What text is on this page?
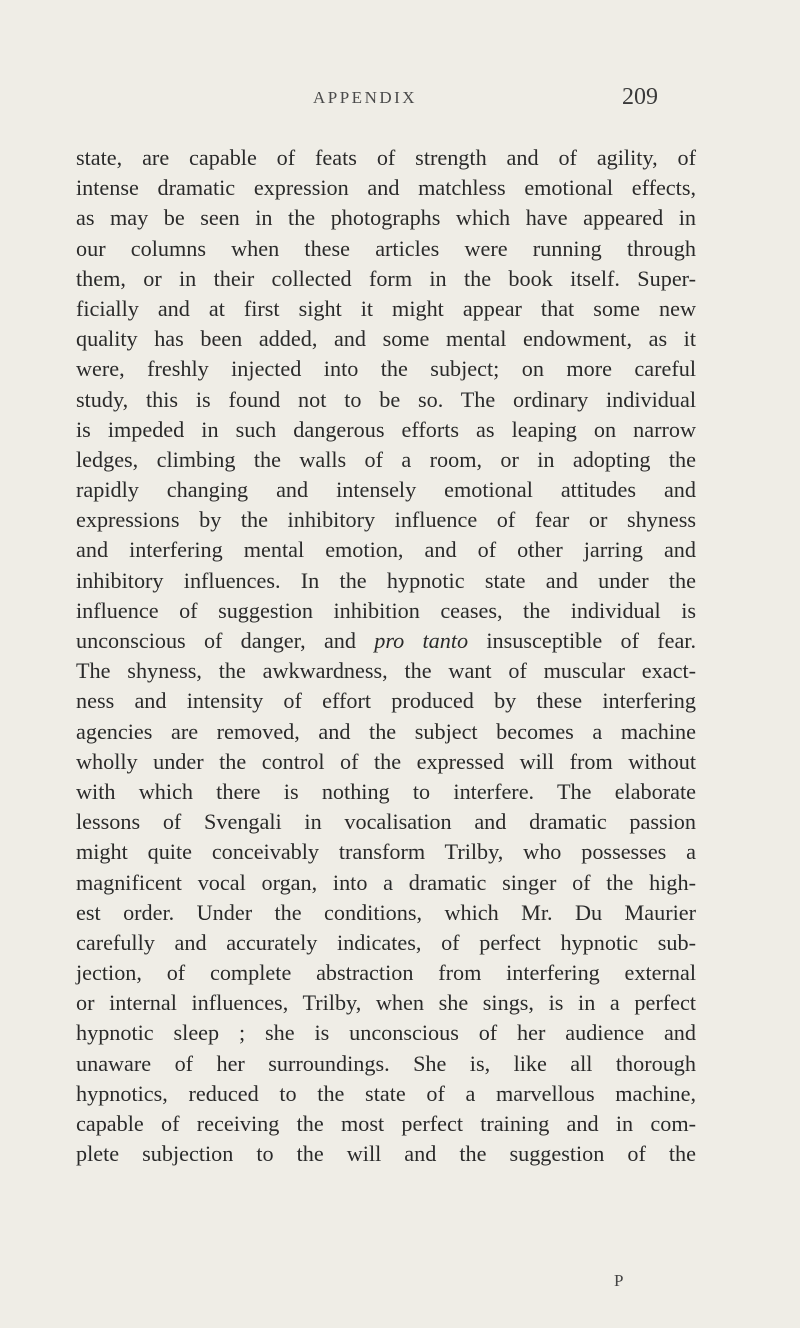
APPENDIX	209
state, are capable of feats of strength and of agility, of
intense dramatic expression and matchless emotional effects,
as may be seen in the photographs which have appeared in
our columns when these articles were running through
them, or in their collected form in the book itself. Super-
ficially and at first sight it might appear that some new
quality has been added, and some mental endowment, as it
were, freshly injected into the subject; on more careful
study, this is found not to be so. The ordinary individual
is impeded in such dangerous efforts as leaping on narrow
ledges, climbing the walls of a room, or in adopting the
rapidly changing and intensely emotional attitudes and
expressions by the inhibitory influence of fear or shyness
and interfering mental emotion, and of other jarring and
inhibitory influences. In the hypnotic state and under the
influence of suggestion inhibition ceases, the individual is
unconscious of danger, and pro tanto insusceptible of fear.
The shyness, the awkwardness, the want of muscular exact-
ness and intensity of effort produced by these interfering
agencies are removed, and the subject becomes a machine
wholly under the control of the expressed will from without
with which there is nothing to interfere. The elaborate
lessons of Svengali in vocalisation and dramatic passion
might quite conceivably transform Trilby, who possesses a
magnificent vocal organ, into a dramatic singer of the high-
est order. Under the conditions, which Mr. Du Maurier
carefully and accurately indicates, of perfect hypnotic sub-
jection, of complete abstraction from interfering external
or internal influences, Trilby, when she sings, is in a perfect
hypnotic sleep ; she is unconscious of her audience and
unaware of her surroundings. She is, like all thorough
hypnotics, reduced to the state of a marvellous machine,
capable of receiving the most perfect training and in com-
plete subjection to the will and the suggestion of the
P
